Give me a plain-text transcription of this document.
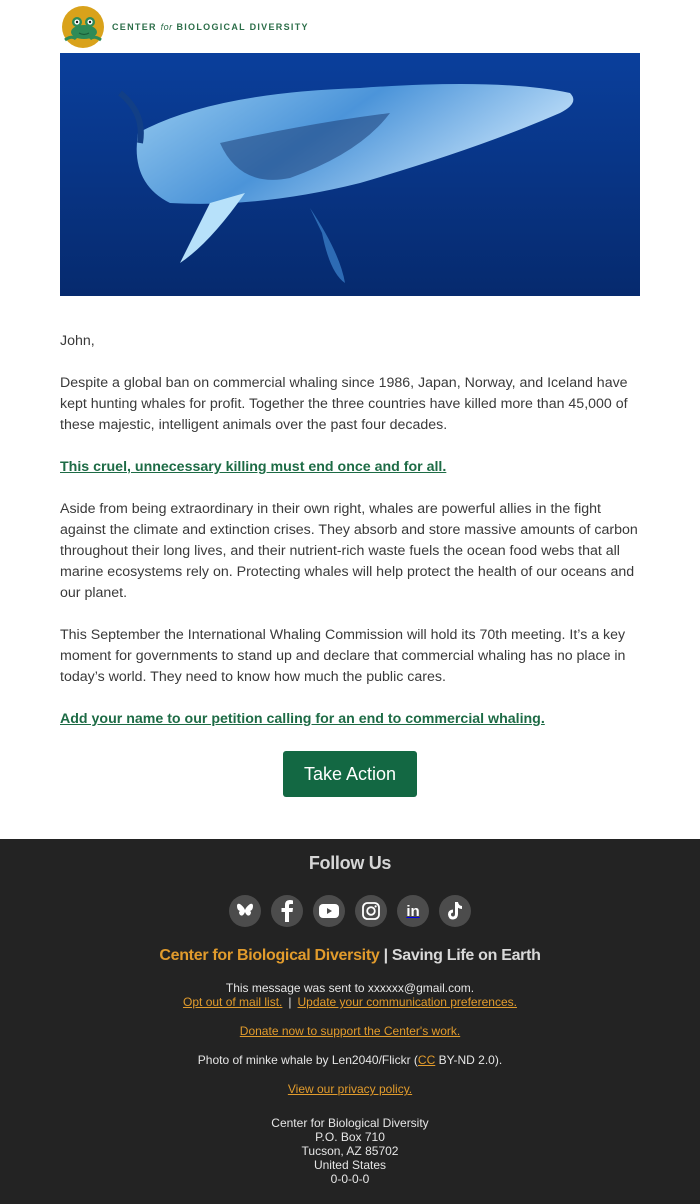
CENTER for BIOLOGICAL DIVERSITY

John,

Despite a global ban on commercial whaling since 1986, Japan, Norway, and Iceland have kept hunting whales for profit. Together the three countries have killed more than 45,000 of these majestic, intelligent animals over the past four decades.

This cruel, unnecessary killing must end once and for all.

Aside from being extraordinary in their own right, whales are powerful allies in the fight against the climate and extinction crises. They absorb and store massive amounts of carbon throughout their long lives, and their nutrient-rich waste fuels the ocean food webs that all marine ecosystems rely on. Protecting whales will help protect the health of our oceans and our planet.

This September the International Whaling Commission will hold its 70th meeting. It’s a key moment for governments to stand up and declare that commercial whaling has no place in today’s world. They need to know how much the public cares.

Add your name to our petition calling for an end to commercial whaling.

Take Action
Follow Us
in
Center for Biological Diversity | Saving Life on Earth
This message was sent to xxxxxx@gmail.com.
Opt out of mail list. | Update your communication preferences.
Donate now to support the Center's work.
Photo of minke whale by Len2040/Flickr (CC BY-ND 2.0).
View our privacy policy.
Center for Biological Diversity
P.O. Box 710
Tucson, AZ 85702
United States
0-0-0-0
